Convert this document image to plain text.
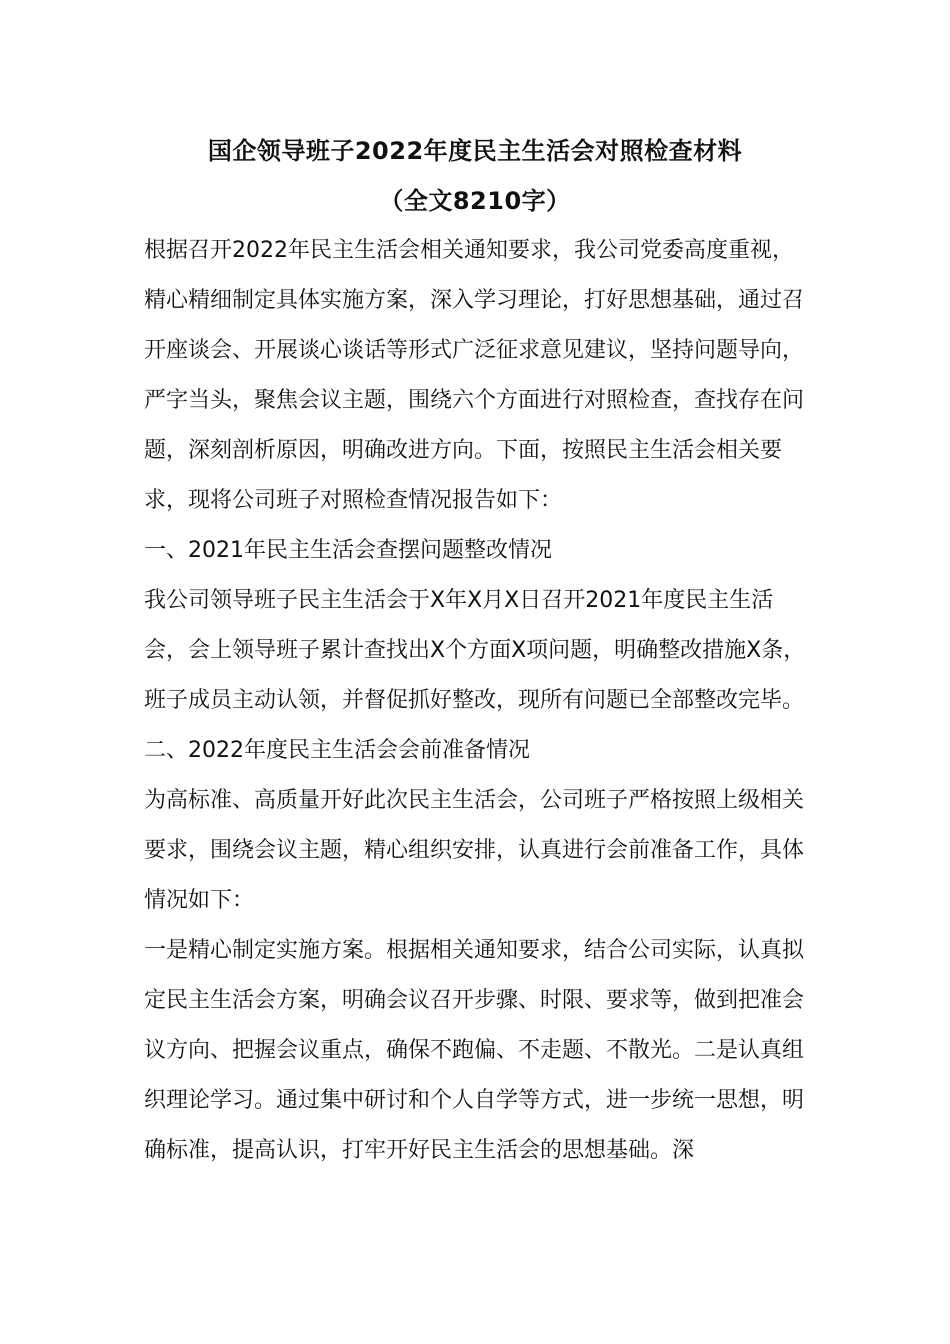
国企领导班子2022年度民主生活会对照检查材料
（全文8210字）

根据召开2022年民主生活会相关通知要求，我公司党委高度重视，精心精细制定具体实施方案，深入学习理论，打好思想基础，通过召开座谈会、开展谈心谈话等形式广泛征求意见建议，坚持问题导向，严字当头，聚焦会议主题，围绕六个方面进行对照检查，查找存在问题，深刻剖析原因，明确改进方向。下面，按照民主生活会相关要求，现将公司班子对照检查情况报告如下：

一、2021年民主生活会查摆问题整改情况

我公司领导班子民主生活会于X年X月X日召开2021年度民主生活会，会上领导班子累计查找出X个方面X项问题，明确整改措施X条，班子成员主动认领，并督促抓好整改，现所有问题已全部整改完毕。

二、2022年度民主生活会会前准备情况

为高标准、高质量开好此次民主生活会，公司班子严格按照上级相关要求，围绕会议主题，精心组织安排，认真进行会前准备工作，具体情况如下：

一是精心制定实施方案。根据相关通知要求，结合公司实际，认真拟定民主生活会方案，明确会议召开步骤、时限、要求等，做到把准会议方向、把握会议重点，确保不跑偏、不走题、不散光。二是认真组织理论学习。通过集中研讨和个人自学等方式，进一步统一思想，明确标准，提高认识，打牢开好民主生活会的思想基础。深
